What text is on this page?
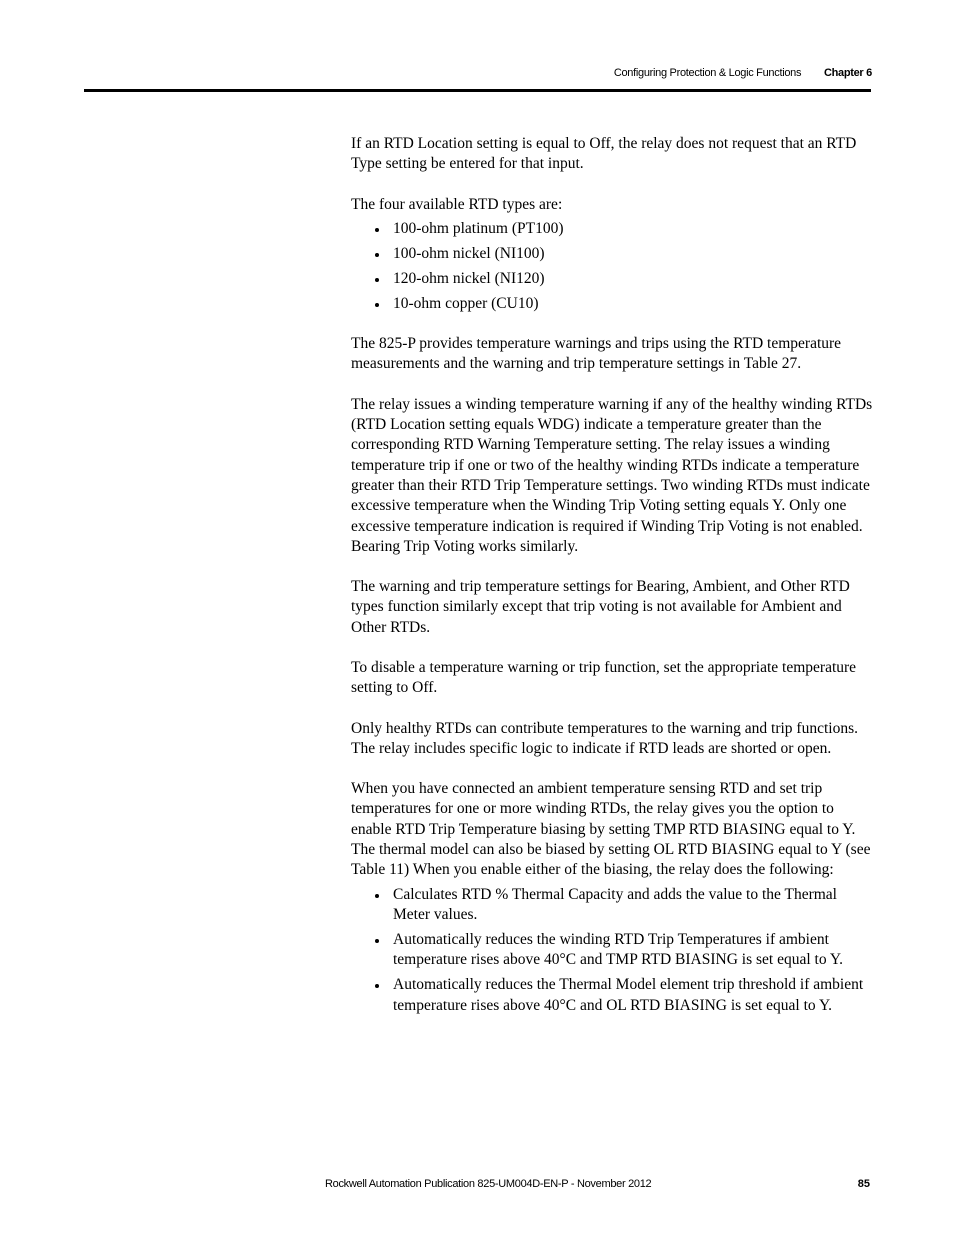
Configuring Protection & Logic Functions Chapter 6

If an RTD Location setting is equal to Off, the relay does not request that an RTD Type setting be entered for that input.

The four available RTD types are:

100-ohm platinum (PT100)
100-ohm nickel (NI100)
120-ohm nickel (NI120)
10-ohm copper (CU10)

The 825-P provides temperature warnings and trips using the RTD temperature measurements and the warning and trip temperature settings in Table 27.

The relay issues a winding temperature warning if any of the healthy winding RTDs (RTD Location setting equals WDG) indicate a temperature greater than the corresponding RTD Warning Temperature setting. The relay issues a winding temperature trip if one or two of the healthy winding RTDs indicate a temperature greater than their RTD Trip Temperature settings. Two winding RTDs must indicate excessive temperature when the Winding Trip Voting setting equals Y. Only one excessive temperature indication is required if Winding Trip Voting is not enabled. Bearing Trip Voting works similarly.

The warning and trip temperature settings for Bearing, Ambient, and Other RTD types function similarly except that trip voting is not available for Ambient and Other RTDs.

To disable a temperature warning or trip function, set the appropriate temperature setting to Off.

Only healthy RTDs can contribute temperatures to the warning and trip functions. The relay includes specific logic to indicate if RTD leads are shorted or open.

When you have connected an ambient temperature sensing RTD and set trip temperatures for one or more winding RTDs, the relay gives you the option to enable RTD Trip Temperature biasing by setting TMP RTD BIASING equal to Y. The thermal model can also be biased by setting OL RTD BIASING equal to Y (see Table 11) When you enable either of the biasing, the relay does the following:

Calculates RTD % Thermal Capacity and adds the value to the Thermal Meter values.
Automatically reduces the winding RTD Trip Temperatures if ambient temperature rises above 40°C and TMP RTD BIASING is set equal to Y.
Automatically reduces the Thermal Model element trip threshold if ambient temperature rises above 40°C and OL RTD BIASING is set equal to Y.
Rockwell Automation Publication 825-UM004D-EN-P - November 2012	85
